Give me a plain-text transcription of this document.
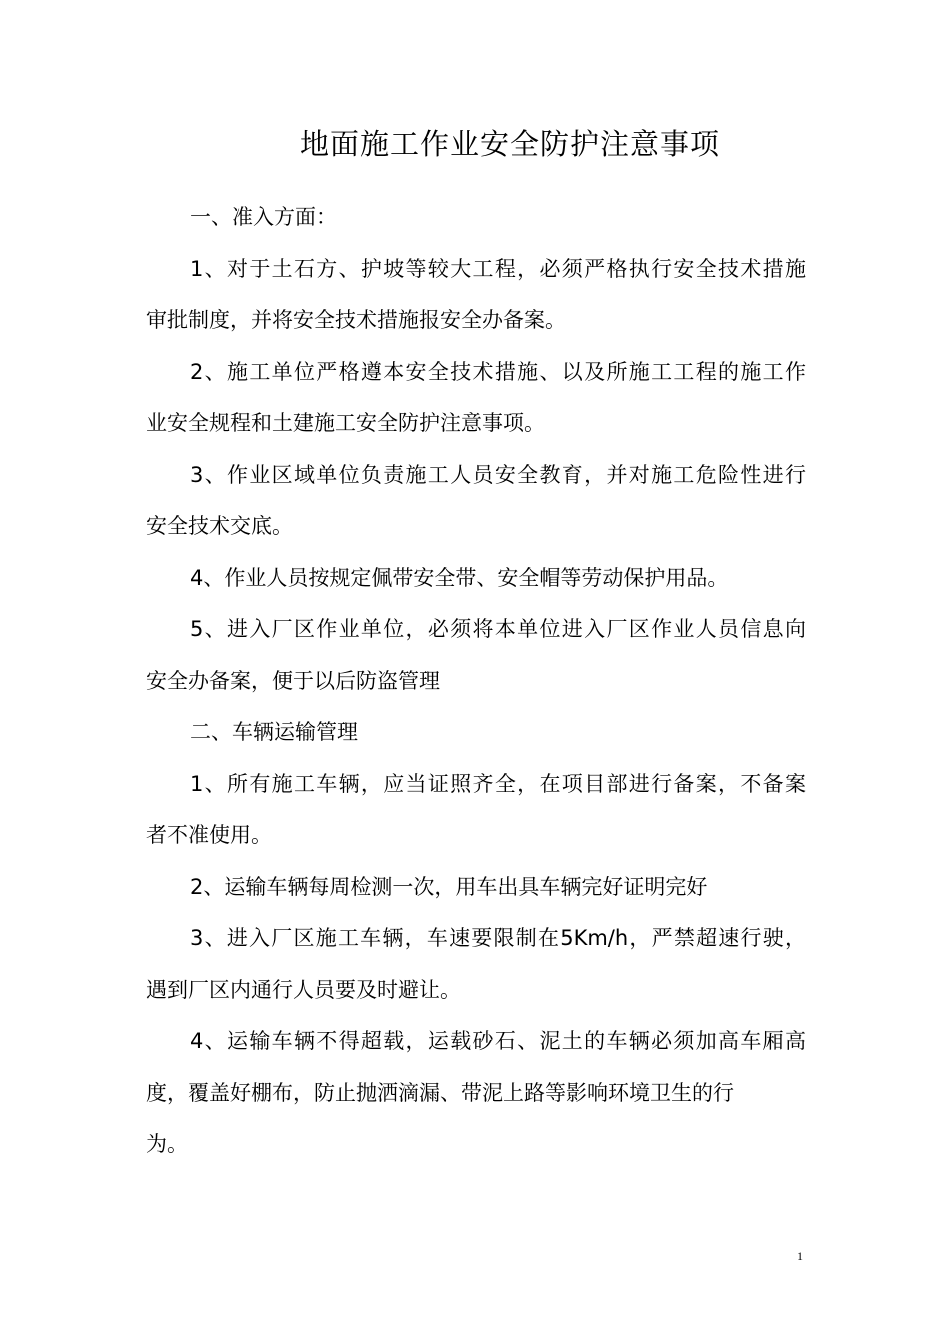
地面施工作业安全防护注意事项
一、准入方面：
1、对于土石方、护坡等较大工程，必须严格执行安全技术措施
审批制度，并将安全技术措施报安全办备案。
2、施工单位严格遵本安全技术措施、以及所施工工程的施工作
业安全规程和土建施工安全防护注意事项。
3、作业区域单位负责施工人员安全教育，并对施工危险性进行
安全技术交底。
4、作业人员按规定佩带安全带、安全帽等劳动保护用品。
5、进入厂区作业单位，必须将本单位进入厂区作业人员信息向
安全办备案，便于以后防盗管理
二、车辆运输管理
1、所有施工车辆，应当证照齐全，在项目部进行备案，不备案
者不准使用。
2、运输车辆每周检测一次，用车出具车辆完好证明完好
3、进入厂区施工车辆，车速要限制在5Km/h，严禁超速行驶，
遇到厂区内通行人员要及时避让。
4、运输车辆不得超载，运载砂石、泥土的车辆必须加高车厢高
度，覆盖好棚布，防止抛洒滴漏、带泥上路等影响环境卫生的行
为。
1
